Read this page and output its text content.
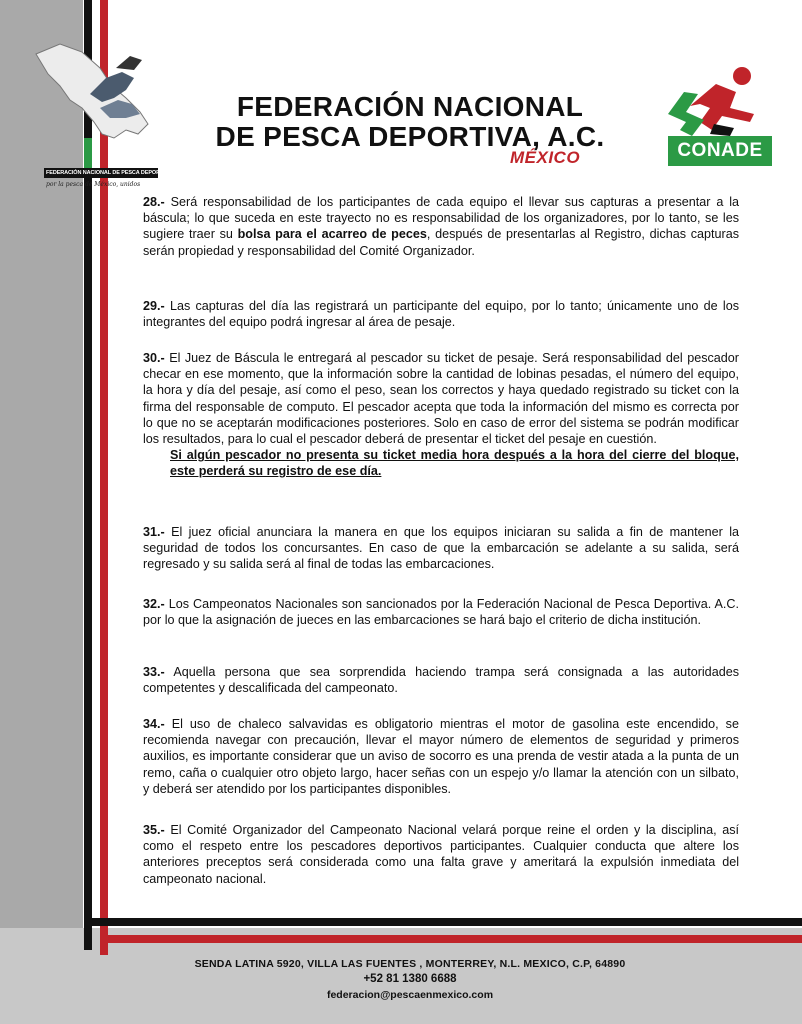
FEDERACIÓN NACIONAL DE PESCA DEPORTIVA A.C.
por la pesca de México, unidos
FEDERACIÓN NACIONAL
DE PESCA DEPORTIVA, A.C.
MÉXICO	CONADE
28.- Será responsabilidad de los participantes de cada equipo el llevar sus capturas a presentar a la báscula; lo que suceda en este trayecto no es responsabilidad de los organizadores, por lo tanto, se les sugiere traer su bolsa para el acarreo de peces, después de presentarlas al Registro, dichas capturas serán propiedad y responsabilidad del Comité Organizador.
29.- Las capturas del día las registrará un participante del equipo, por lo tanto; únicamente uno de los integrantes del equipo podrá ingresar al área de pesaje.
30.- El Juez de Báscula le entregará al pescador su ticket de pesaje. Será responsabilidad del pescador checar en ese momento, que la información sobre la cantidad de lobinas pesadas, el número del equipo, la hora y día del pesaje, así como el peso, sean los correctos y haya quedado registrado su ticket con la firma del responsable de computo. El pescador acepta que toda la información del mismo es correcta por lo que no se aceptarán modificaciones posteriores. Solo en caso de error del sistema se podrán modificar los resultados, para lo cual el pescador deberá de presentar el ticket del pesaje en cuestión.
Si algún pescador no presenta su ticket media hora después a la hora del cierre del bloque, este perderá su registro de ese día.
31.- El juez oficial anunciara la manera en que los equipos iniciaran su salida a fin de mantener la seguridad de todos los concursantes. En caso de que la embarcación se adelante a su salida, será regresado y su salida será al final de todas las embarcaciones.
32.- Los Campeonatos Nacionales son sancionados por la Federación Nacional de Pesca Deportiva. A.C. por lo que la asignación de jueces en las embarcaciones se hará bajo el criterio de dicha institución.
33.- Aquella persona que sea sorprendida haciendo trampa será consignada a las autoridades competentes y descalificada del campeonato.
34.- El uso de chaleco salvavidas es obligatorio mientras el motor de gasolina este encendido, se recomienda navegar con precaución, llevar el mayor número de elementos de seguridad y primeros auxilios, es importante considerar que un aviso de socorro es una prenda de vestir atada a la punta de un remo, caña o cualquier otro objeto largo, hacer señas con un espejo y/o llamar la atención con un silbato, y deberá ser atendido por los participantes disponibles.
35.- El Comité Organizador del Campeonato Nacional velará porque reine el orden y la disciplina, así como el respeto entre los pescadores deportivos participantes. Cualquier conducta que altere los anteriores preceptos será considerada como una falta grave y ameritará la expulsión inmediata del campeonato nacional.
SENDA LATINA 5920, VILLA LAS FUENTES , MONTERREY, N.L. MEXICO, C.P, 64890
+52 81 1380 6688
federacion@pescaenmexico.com
